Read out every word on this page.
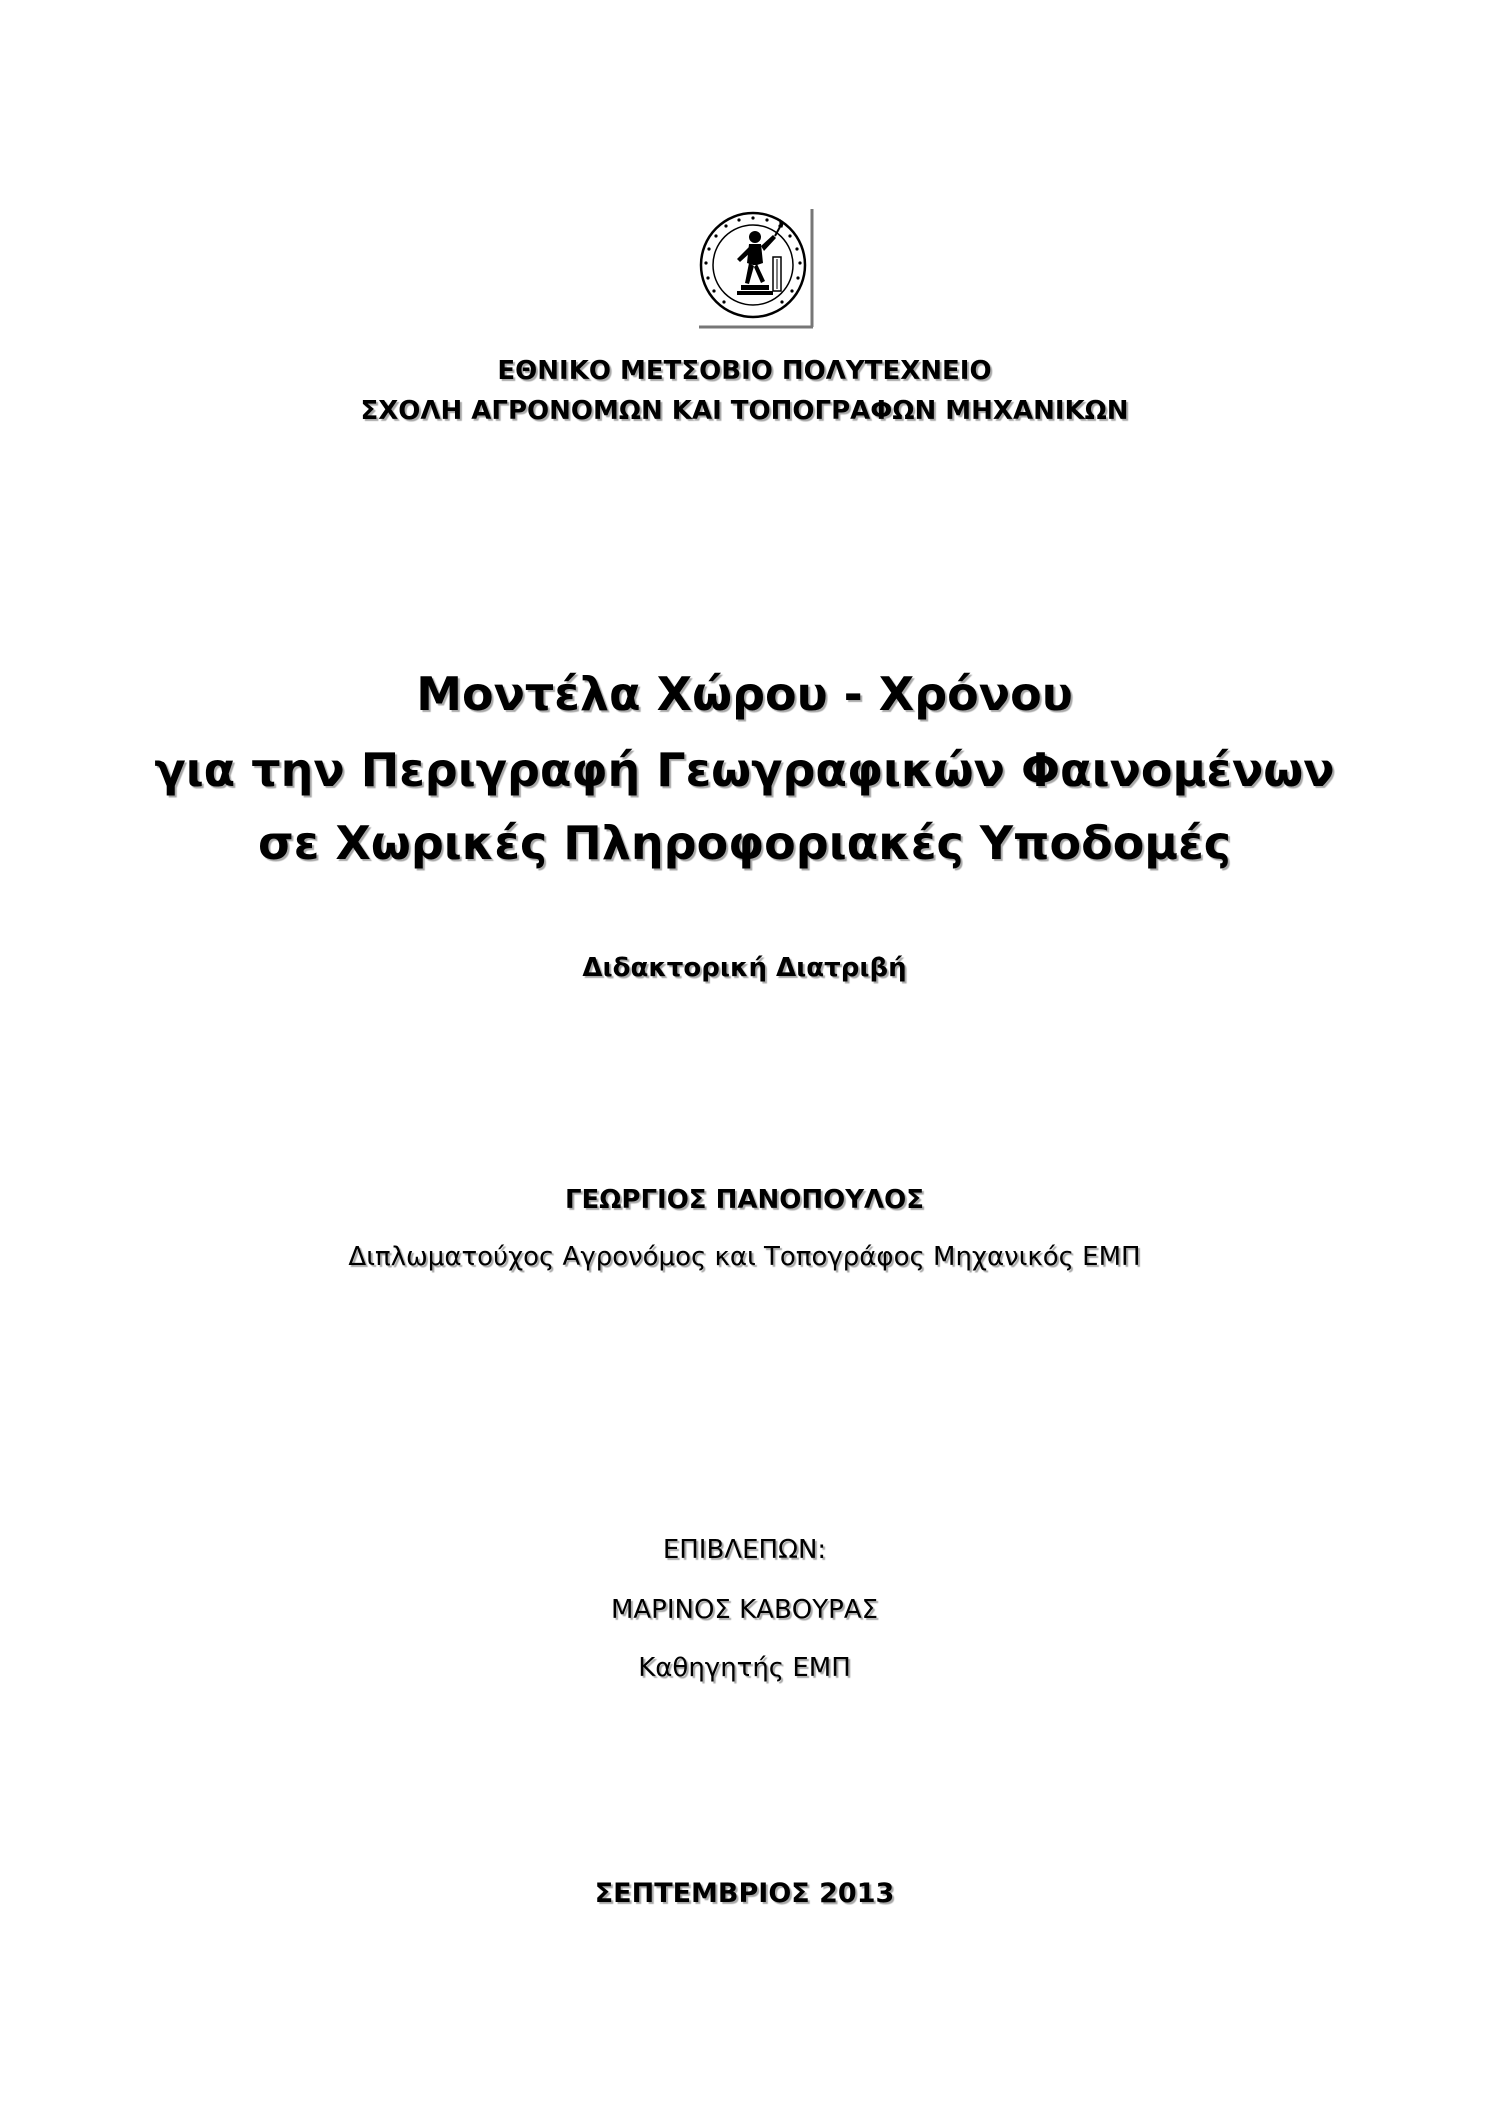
ΕΘΝΙΚΟ ΜΕΤΣΟΒΙΟ ΠΟΛΥΤΕΧΝΕΙΟ
ΣΧΟΛΗ ΑΓΡΟΝΟΜΩΝ ΚΑΙ ΤΟΠΟΓΡΑΦΩΝ ΜΗΧΑΝΙΚΩΝ
Μοντέλα Χώρου - Χρόνου
για την Περιγραφή Γεωγραφικών Φαινομένων
σε Χωρικές Πληροφοριακές Υποδομές
Διδακτορική Διατριβή
ΓΕΩΡΓΙΟΣ ΠΑΝΟΠΟΥΛΟΣ
Διπλωματούχος Αγρονόμος και Τοπογράφος Μηχανικός ΕΜΠ
ΕΠΙΒΛΕΠΩΝ:
ΜΑΡΙΝΟΣ ΚΑΒΟΥΡΑΣ
Καθηγητής ΕΜΠ
ΣΕΠΤΕΜΒΡΙΟΣ 2013
